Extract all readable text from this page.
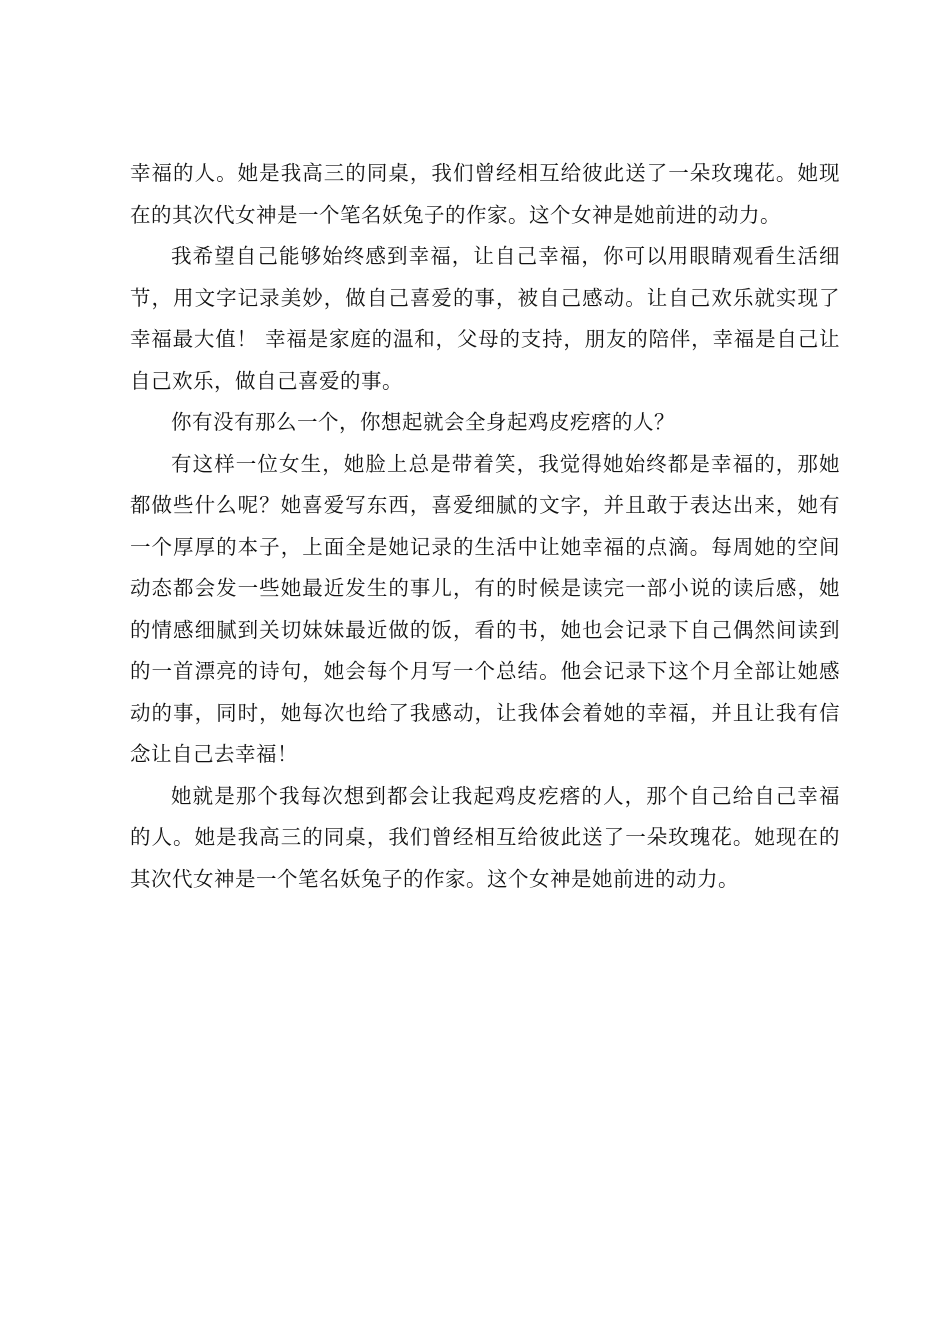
幸福的人。她是我高三的同桌，我们曾经相互给彼此送了一朵玫瑰花。她现在的其次代女神是一个笔名妖兔子的作家。这个女神是她前进的动力。

我希望自己能够始终感到幸福，让自己幸福，你可以用眼睛观看生活细节，用文字记录美妙，做自己喜爱的事，被自己感动。让自己欢乐就实现了幸福最大值！ 幸福是家庭的温和，父母的支持，朋友的陪伴，幸福是自己让自己欢乐，做自己喜爱的事。

你有没有那么一个，你想起就会全身起鸡皮疙瘩的人？

有这样一位女生，她脸上总是带着笑，我觉得她始终都是幸福的，那她都做些什么呢？她喜爱写东西，喜爱细腻的文字，并且敢于表达出来，她有一个厚厚的本子，上面全是她记录的生活中让她幸福的点滴。每周她的空间动态都会发一些她最近发生的事儿，有的时候是读完一部小说的读后感，她的情感细腻到关切妹妹最近做的饭，看的书，她也会记录下自己偶然间读到的一首漂亮的诗句，她会每个月写一个总结。他会记录下这个月全部让她感动的事，同时，她每次也给了我感动，让我体会着她的幸福，并且让我有信念让自己去幸福！

她就是那个我每次想到都会让我起鸡皮疙瘩的人，那个自己给自己幸福的人。她是我高三的同桌，我们曾经相互给彼此送了一朵玫瑰花。她现在的其次代女神是一个笔名妖兔子的作家。这个女神是她前进的动力。
